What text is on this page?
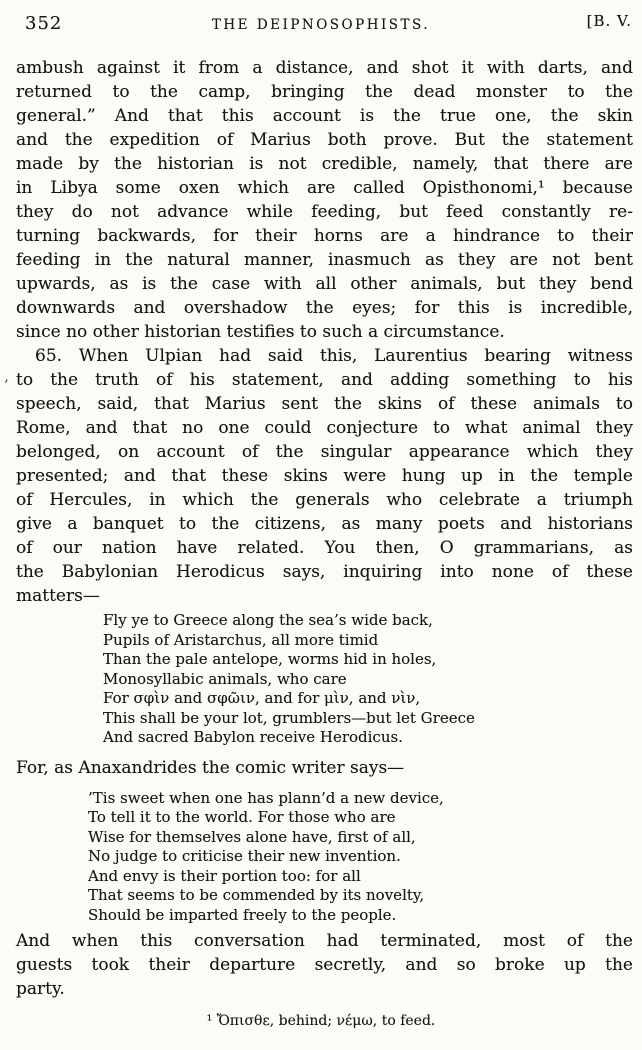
352	THE DEIPNOSOPHISTS.	[B. V.
’
ambush against it from a distance, and shot it with darts, and
returned to the camp, bringing the dead monster to the
general.” And that this account is the true one, the skin
and the expedition of Marius both prove. But the statement
made by the historian is not credible, namely, that there are
in Libya some oxen which are called Opisthonomi,¹ because
they do not advance while feeding, but feed constantly re-
turning backwards, for their horns are a hindrance to their
feeding in the natural manner, inasmuch as they are not bent
upwards, as is the case with all other animals, but they bend
downwards and overshadow the eyes; for this is incredible,
since no other historian testifies to such a circumstance.
65. When Ulpian had said this, Laurentius bearing witness
to the truth of his statement, and adding something to his
speech, said, that Marius sent the skins of these animals to
Rome, and that no one could conjecture to what animal they
belonged, on account of the singular appearance which they
presented; and that these skins were hung up in the temple
of Hercules, in which the generals who celebrate a triumph
give a banquet to the citizens, as many poets and historians
of our nation have related. You then, O grammarians, as
the Babylonian Herodicus says, inquiring into none of these
matters—
Fly ye to Greece along the sea’s wide back,
Pupils of Aristarchus, all more timid
Than the pale antelope, worms hid in holes,
Monosyllabic animals, who care
For σφὶν and σφῶιν, and for μὶν, and νὶν,
This shall be your lot, grumblers—but let Greece
And sacred Babylon receive Herodicus.
For, as Anaxandrides the comic writer says—
’Tis sweet when one has plann’d a new device,
To tell it to the world. For those who are
Wise for themselves alone have, first of all,
No judge to criticise their new invention.
And envy is their portion too: for all
That seems to be commended by its novelty,
Should be imparted freely to the people.
And when this conversation had terminated, most of the
guests took their departure secretly, and so broke up the
party.
¹ Ὄπισθε, behind; νέμω, to feed.
